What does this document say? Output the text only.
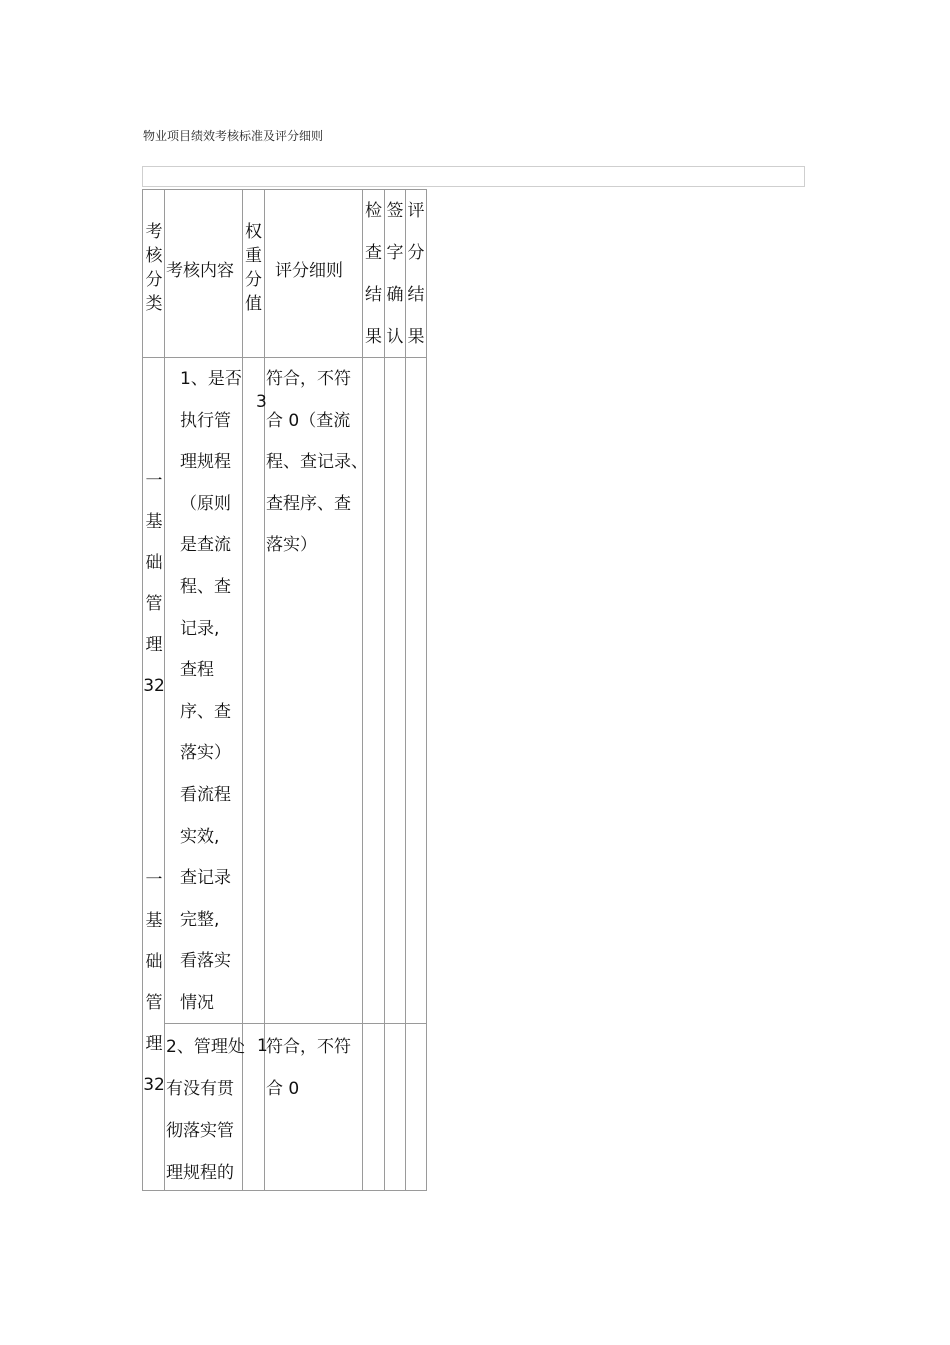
物业项目绩效考核标准及评分细则
考
核
分
类
考核内容
权
重
分
值
评分细则
检
查
结
果
签
字
确
认
评
分
结
果
一
基
础
管
理
32
一
基
础
管
理
32
1、是否
执行管
理规程
（原则
是查流
程、查
记录,
查程
序、查
落实）
看流程
实效,
查记录
完整,
看落实
情况
3
符合，不符
合 0（查流
程、查记录、
查程序、查
落实）
2、管理处
有没有贯
彻落实管
理规程的
1
符合，不符
合 0
